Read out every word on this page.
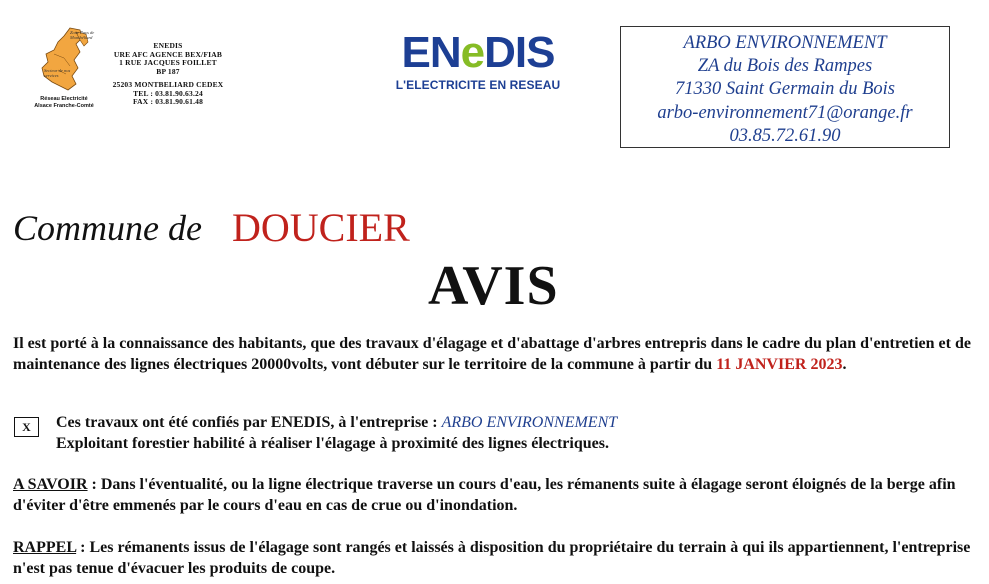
Zone Pays de Montbéliard
Secteur de nos services
Réseau Electricité
Alsace Franche-Comté
ENEDIS
URE AFC AGENCE BEX/FIAB
1 RUE JACQUES FOILLET
BP 187
25203 MONTBELIARD CEDEX
TEL : 03.81.90.63.24
FAX : 03.81.90.61.48
ENeDIS
L'ELECTRICITE EN RESEAU
ARBO ENVIRONNEMENT
ZA du Bois des Rampes
71330 Saint Germain du Bois
arbo-environnement71@orange.fr
03.85.72.61.90
Commune de DOUCIER
AVIS
Il est porté à la connaissance des habitants, que des travaux d'élagage et d'abattage d'arbres entrepris dans le cadre du plan d'entretien et de maintenance des lignes électriques 20000volts, vont débuter sur le territoire de la commune à partir du 11 JANVIER 2023.
X	Ces travaux ont été confiés par ENEDIS, à l'entreprise : ARBO ENVIRONNEMENT
Exploitant forestier habilité à réaliser l'élagage à proximité des lignes électriques.
A SAVOIR : Dans l'éventualité, ou la ligne électrique traverse un cours d'eau, les rémanents suite à élagage seront éloignés de la berge afin d'éviter d'être emmenés par le cours d'eau en cas de crue ou d'inondation.
RAPPEL : Les rémanents issus de l'élagage sont rangés et laissés à disposition du propriétaire du terrain à qui ils appartiennent, l'entreprise n'est pas tenue d'évacuer les produits de coupe.
